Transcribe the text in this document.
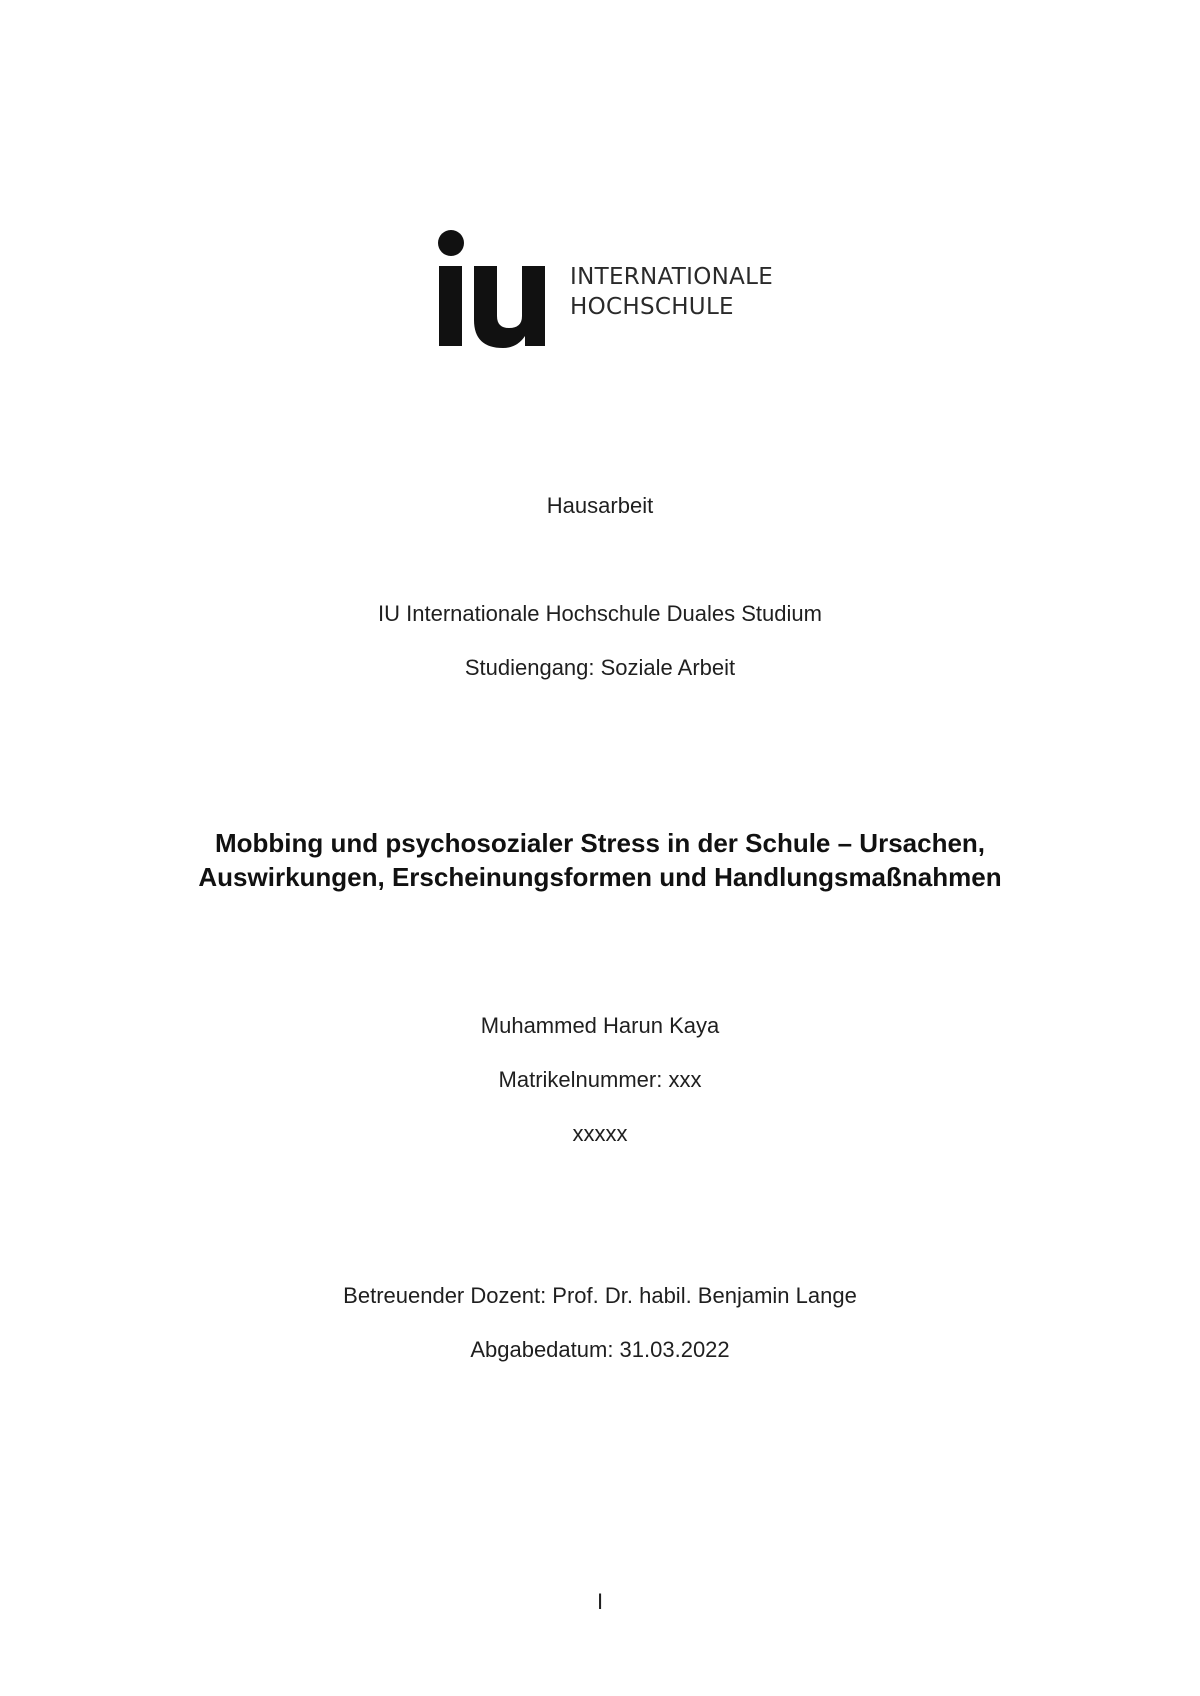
INTERNATIONALE
HOCHSCHULE
Hausarbeit
IU Internationale Hochschule Duales Studium
Studiengang: Soziale Arbeit
Mobbing und psychosozialer Stress in der Schule – Ursachen,
Auswirkungen, Erscheinungsformen und Handlungsmaßnahmen
Muhammed Harun Kaya
Matrikelnummer: xxx
xxxxx
Betreuender Dozent: Prof. Dr. habil. Benjamin Lange
Abgabedatum: 31.03.2022
I
